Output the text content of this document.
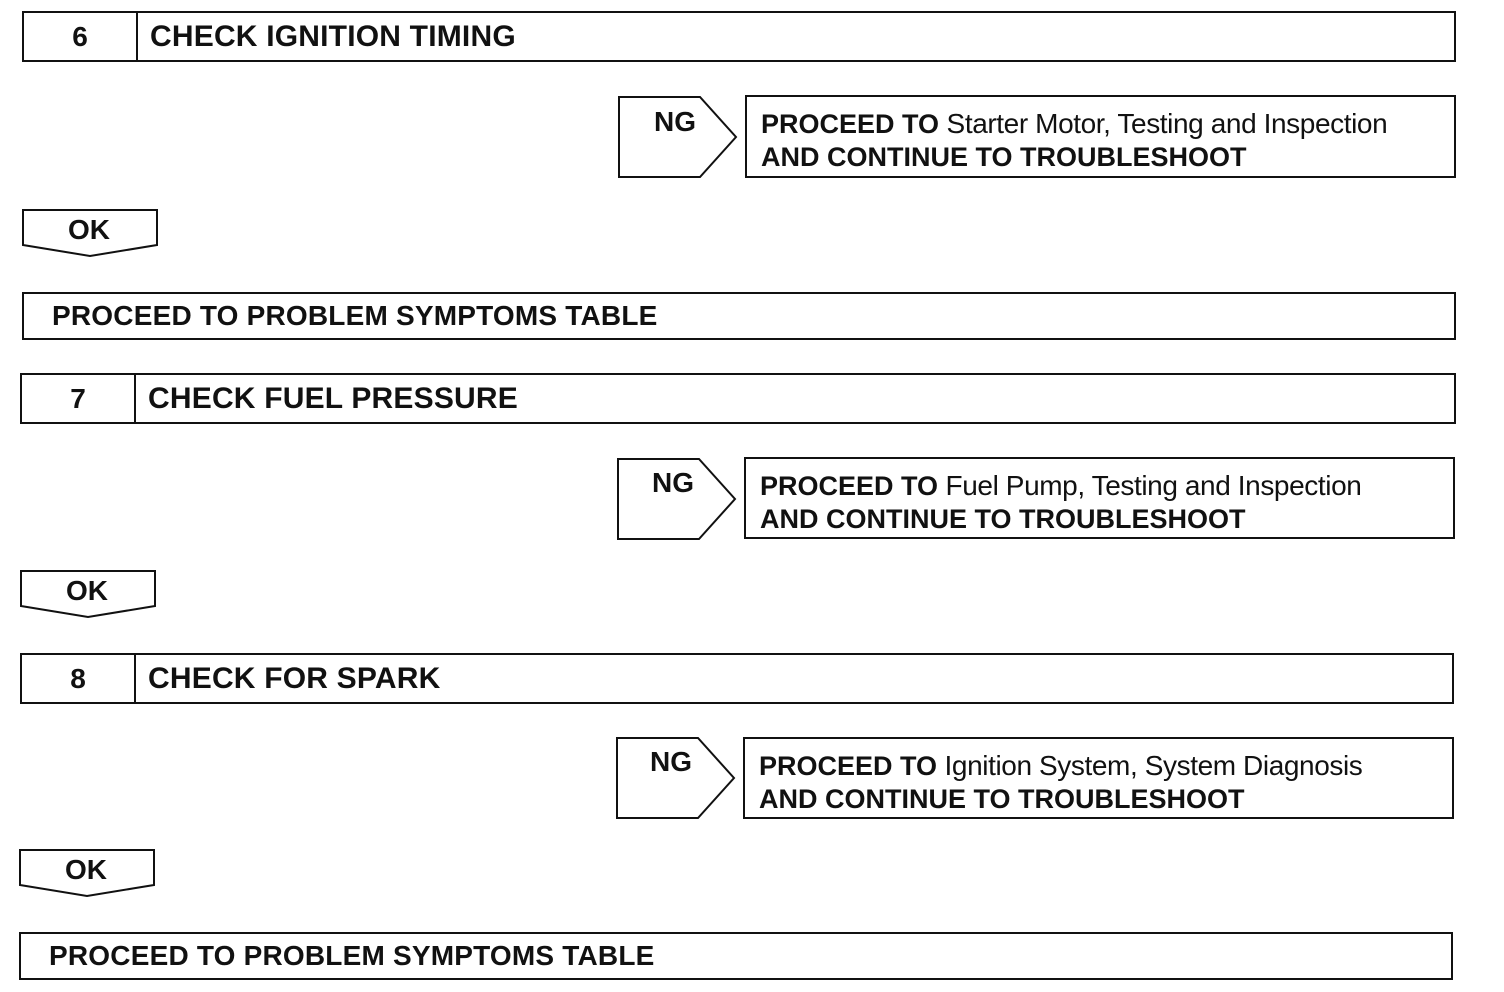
6	CHECK IGNITION TIMING
NG	PROCEED TO Starter Motor, Testing and Inspection
AND CONTINUE TO TROUBLESHOOT
OK
PROCEED TO PROBLEM SYMPTOMS TABLE
7	CHECK FUEL PRESSURE
NG	PROCEED TO Fuel Pump, Testing and Inspection
AND CONTINUE TO TROUBLESHOOT
OK
8	CHECK FOR SPARK
NG	PROCEED TO Ignition System, System Diagnosis
AND CONTINUE TO TROUBLESHOOT
OK
PROCEED TO PROBLEM SYMPTOMS TABLE
